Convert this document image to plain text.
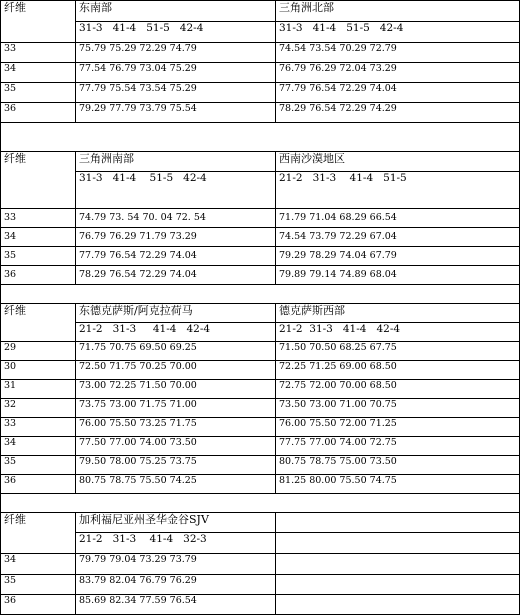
纤维	东南部	三角洲北部
	31-3   41-4   51-5   42-4	31-3   41-4   51-5   42-4
33	75.79 75.29 72.29 74.79	74.54 73.54 70.29 72.79
34	77.54 76.79 73.04 75.29	76.79 76.29 72.04 73.29
35	77.79 75.54 73.54 75.29	77.79 76.54 72.29 74.04
36	79.29 77.79 73.79 75.54	78.29 76.54 72.29 74.29

纤维	三角洲南部	西南沙漠地区
	31-3   41-4    51-5   42-4	21-2   31-3    41-4   51-5
33	74.79 73. 54 70. 04 72. 54	71.79 71.04 68.29 66.54
34	76.79 76.29 71.79 73.29	74.54 73.79 72.29 67.04
35	77.79 76.54 72.29 74.04	79.29 78.29 74.04 67.79
36	78.29 76.54 72.29 74.04	79.89 79.14 74.89 68.04

纤维	东德克萨斯/阿克拉荷马	德克萨斯西部
	21-2   31-3     41-4   42-4	21-2  31-3   41-4   42-4
29	71.75 70.75 69.50 69.25	71.50 70.50 68.25 67.75
30	72.50 71.75 70.25 70.00	72.25 71.25 69.00 68.50
31	73.00 72.25 71.50 70.00	72.75 72.00 70.00 68.50
32	73.75 73.00 71.75 71.00	73.50 73.00 71.00 70.75
33	76.00 75.50 73.25 71.75	76.00 75.50 72.00 71.25
34	77.50 77.00 74.00 73.50	77.75 77.00 74.00 72.75
35	79.50 78.00 75.25 73.75	80.75 78.75 75.00 73.50
36	80.75 78.75 75.50 74.25	81.25 80.00 75.50 74.75

纤维	加利福尼亚州圣华金谷SJV	
	21-2   31-3    41-4   32-3	
34	79.79 79.04 73.29 73.79	
35	83.79 82.04 76.79 76.29	
36	85.69 82.34 77.59 76.54	
